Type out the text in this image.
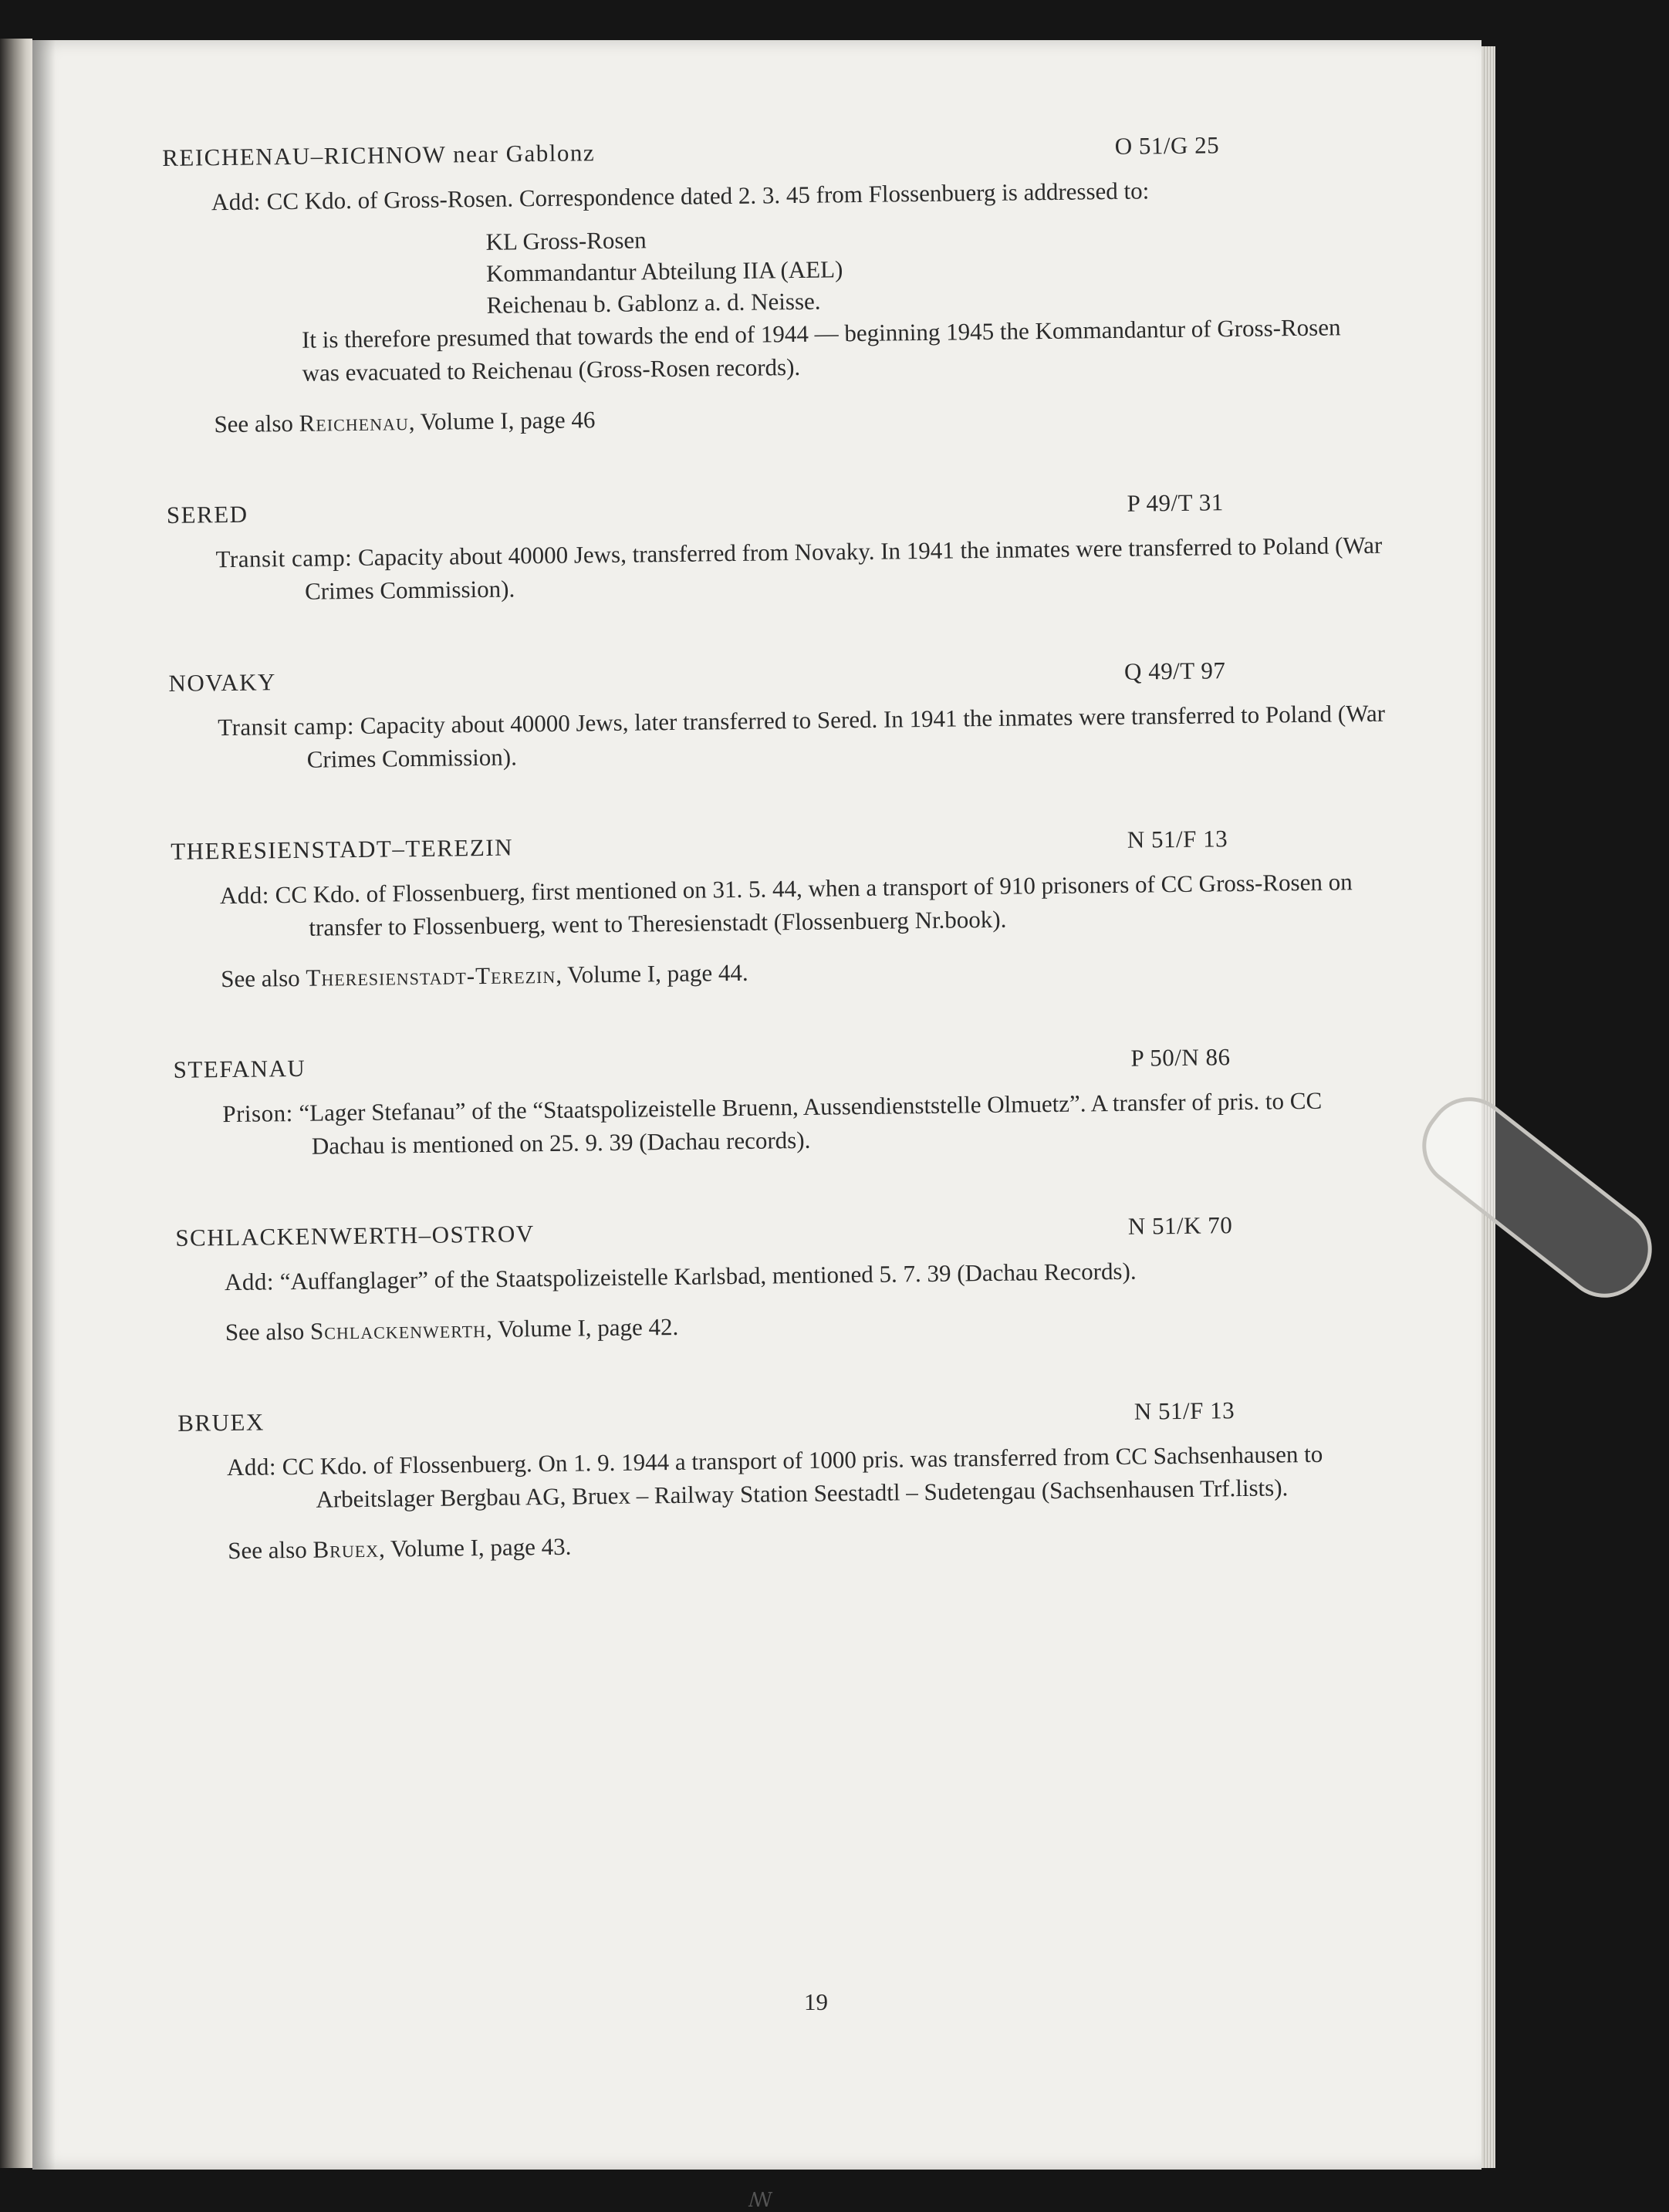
REICHENAU–RICHNOW near Gablonz	O 51/G 25

Add: CC Kdo. of Gross-Rosen. Correspondence dated 2. 3. 45 from Flossenbuerg is addressed to:

KL Gross-Rosen

Kommandantur Abteilung IIA (AEL)

Reichenau b. Gablonz a. d. Neisse.

It is therefore presumed that towards the end of 1944 — beginning 1945 the Kommandantur of Gross-Rosen was evacuated to Reichenau (Gross-Rosen records).

See also Reichenau, Volume I, page 46
SERED	P 49/T 31

Transit camp: Capacity about 40000 Jews, transferred from Novaky. In 1941 the inmates were transferred to Poland (War Crimes Commission).

NOVAKY	Q 49/T 97

Transit camp: Capacity about 40000 Jews, later transferred to Sered. In 1941 the inmates were transferred to Poland (War Crimes Commission).

THERESIENSTADT–TEREZIN	N 51/F 13

Add: CC Kdo. of Flossenbuerg, first mentioned on 31. 5. 44, when a transport of 910 prisoners of CC Gross-Rosen on transfer to Flossenbuerg, went to Theresienstadt (Flossenbuerg Nr.book).

See also Theresienstadt-Terezin, Volume I, page 44.
STEFANAU	P 50/N 86

Prison: “Lager Stefanau” of the “Staatspolizeistelle Bruenn, Aussendienststelle Olmuetz”. A transfer of pris. to CC Dachau is mentioned on 25. 9. 39 (Dachau records).

SCHLACKENWERTH–OSTROV	N 51/K 70

Add: “Auffanglager” of the Staatspolizeistelle Karlsbad, mentioned 5. 7. 39 (Dachau Records).

See also Schlackenwerth, Volume I, page 42.
BRUEX	N 51/F 13

Add: CC Kdo. of Flossenbuerg. On 1. 9. 1944 a transport of 1000 pris. was transferred from CC Sachsenhausen to Arbeitslager Bergbau AG, Bruex – Railway Station Seestadtl – Sudetengau (Sachsenhausen Trf.lists).

See also Bruex, Volume I, page 43.
19
ꟿ
